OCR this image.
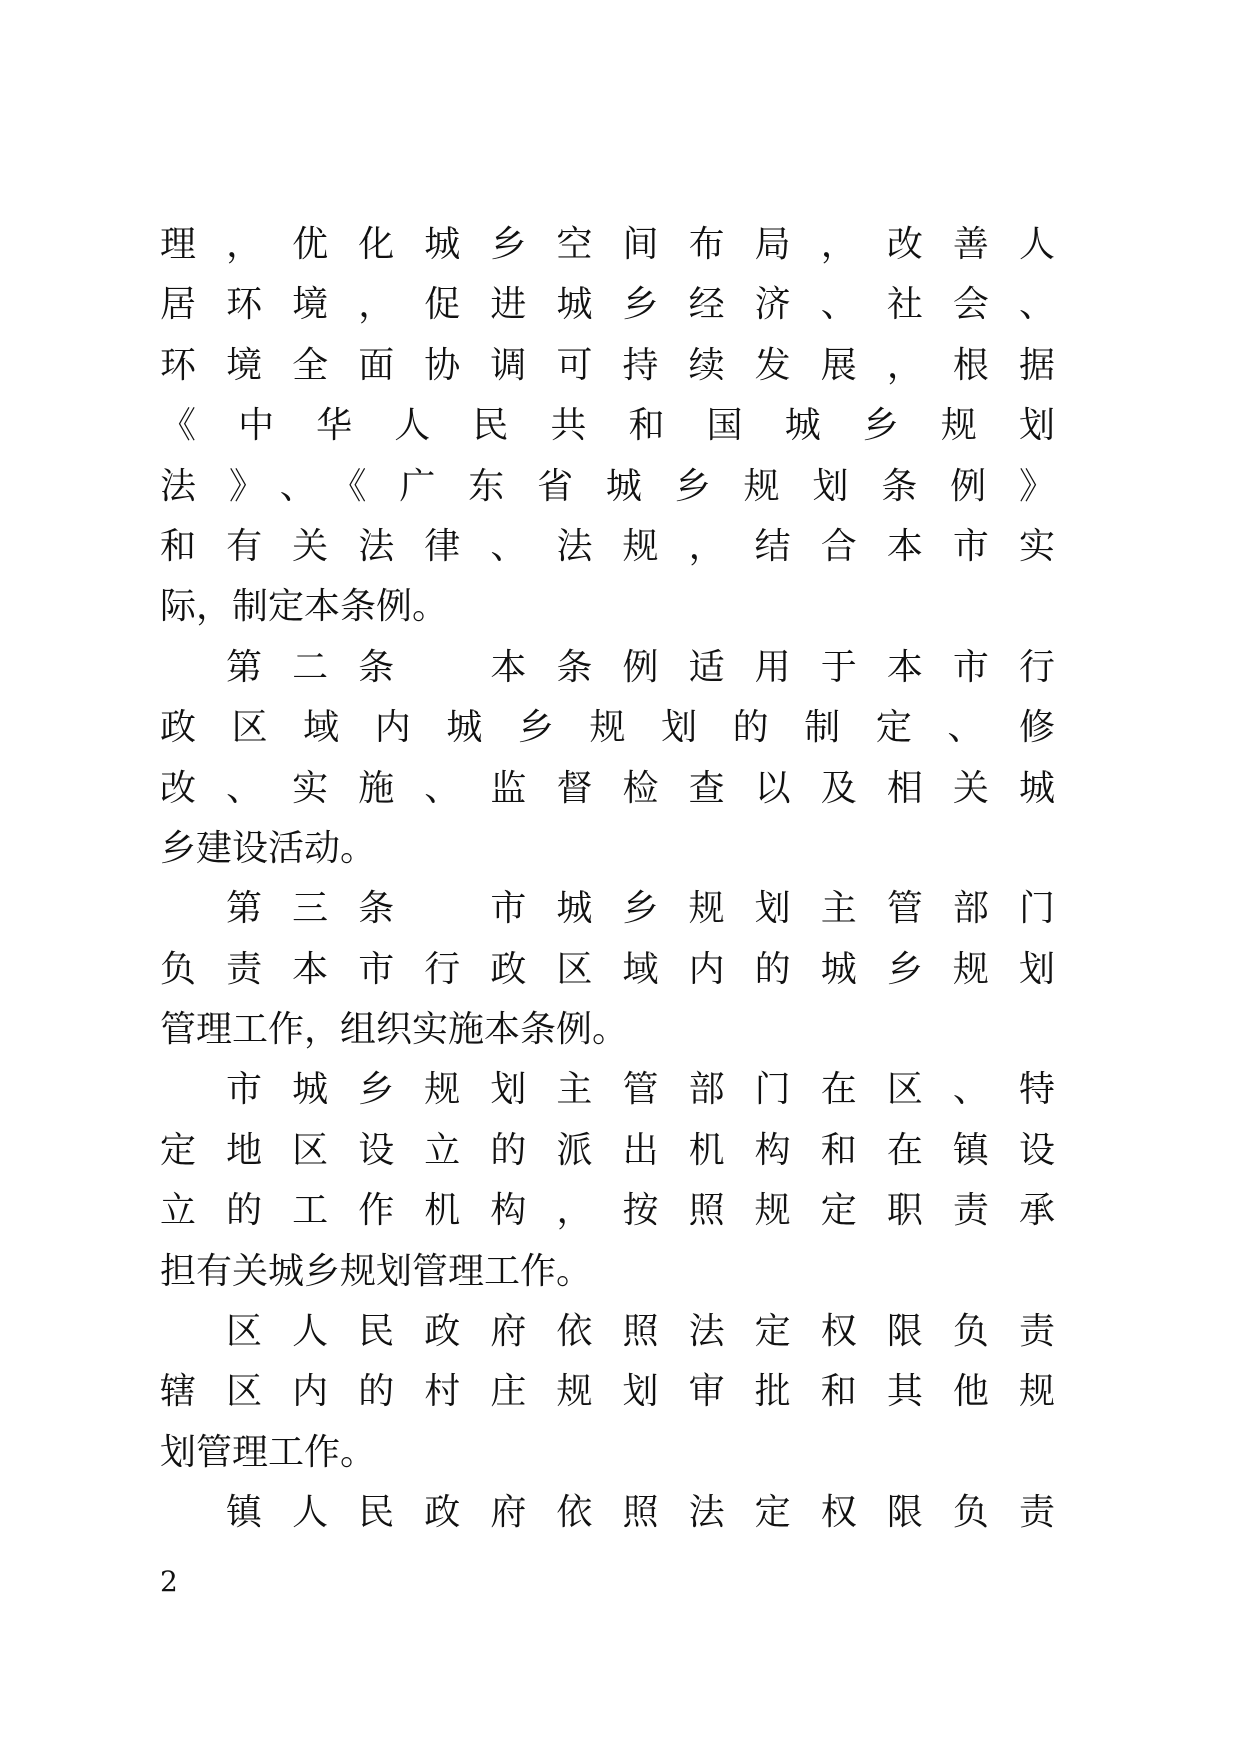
理，优化城乡空间布局，改善人
居环境，促进城乡经济、社会、
环境全面协调可持续发展，根据
《中华人民共和国城乡规划
法》、《广东省城乡规划条例》
和有关法律、法规，结合本市实
际，制定本条例。
第二条　本条例适用于本市行
政区域内城乡规划的制定、修
改、实施、监督检查以及相关城
乡建设活动。
第三条　市城乡规划主管部门
负责本市行政区域内的城乡规划
管理工作，组织实施本条例。
市城乡规划主管部门在区、特
定地区设立的派出机构和在镇设
立的工作机构，按照规定职责承
担有关城乡规划管理工作。
区人民政府依照法定权限负责
辖区内的村庄规划审批和其他规
划管理工作。
镇人民政府依照法定权限负责
2
